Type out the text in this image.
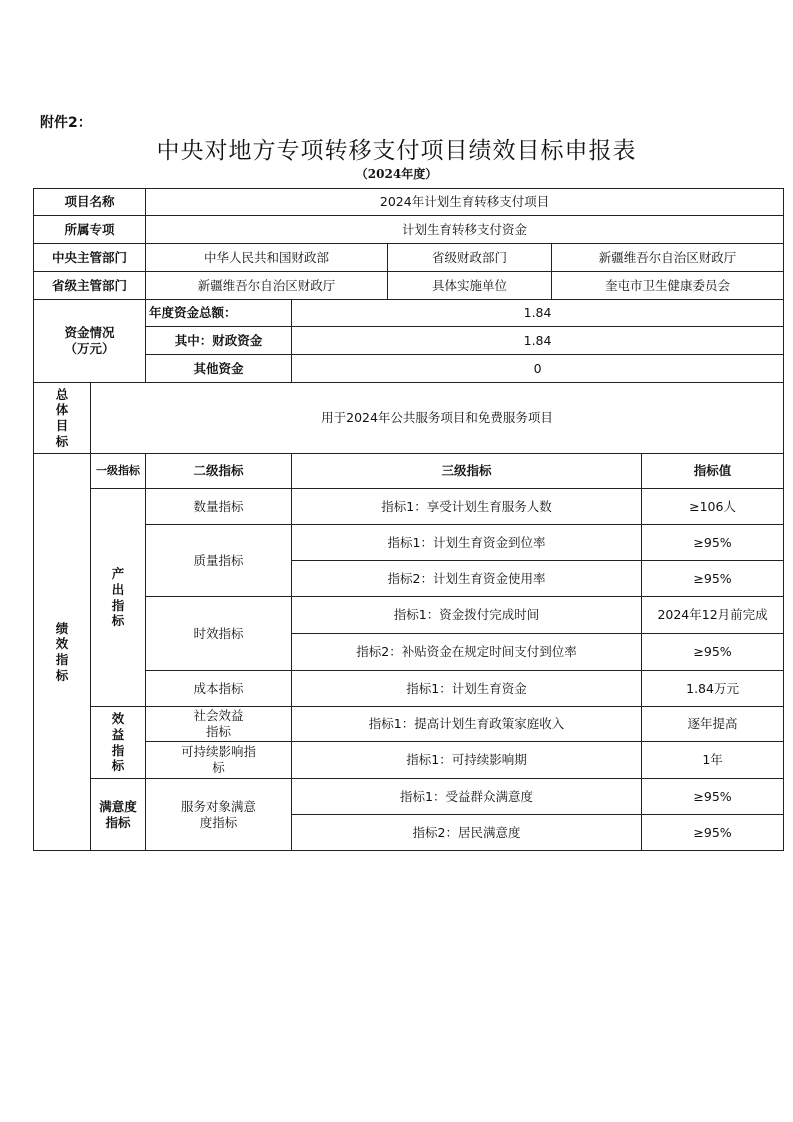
附件2：
中央对地方专项转移支付项目绩效目标申报表
（2024年度）
项目名称		2024年计划生育转移支付项目				
所属专项		计划生育转移支付资金				
中央主管部门		中华人民共和国财政部		省级财政部门	新疆维吾尔自治区财政厅	
省级主管部门		新疆维吾尔自治区财政厅		具体实施单位	奎屯市卫生健康委员会	

资金情况
（万元）		年度资金总额：	1.84			
		其中：财政资金	1.84			
		其他资金	0			
总体目标	用于2024年公共服务项目和免费服务项目					
绩效指标	一级指标	二级指标	三级指标			指标值
	产出指标	数量指标	指标1：享受计划生育服务人数			≥106人
		质量指标	指标1：计划生育资金到位率			≥95%
			指标2：计划生育资金使用率			≥95%
		时效指标	指标1：资金拨付完成时间			2024年12月前完成
			指标2：补贴资金在规定时间支付到位率			≥95%
		成本指标	指标1：计划生育资金			1.84万元
	效益指标	社会效益指标	指标1：提高计划生育政策家庭收入			逐年提高
		可持续影响指标	指标1：可持续影响期			1年
	满意度指标	服务对象满意度指标	指标1：受益群众满意度			≥95%
			指标2：居民满意度			≥95%
